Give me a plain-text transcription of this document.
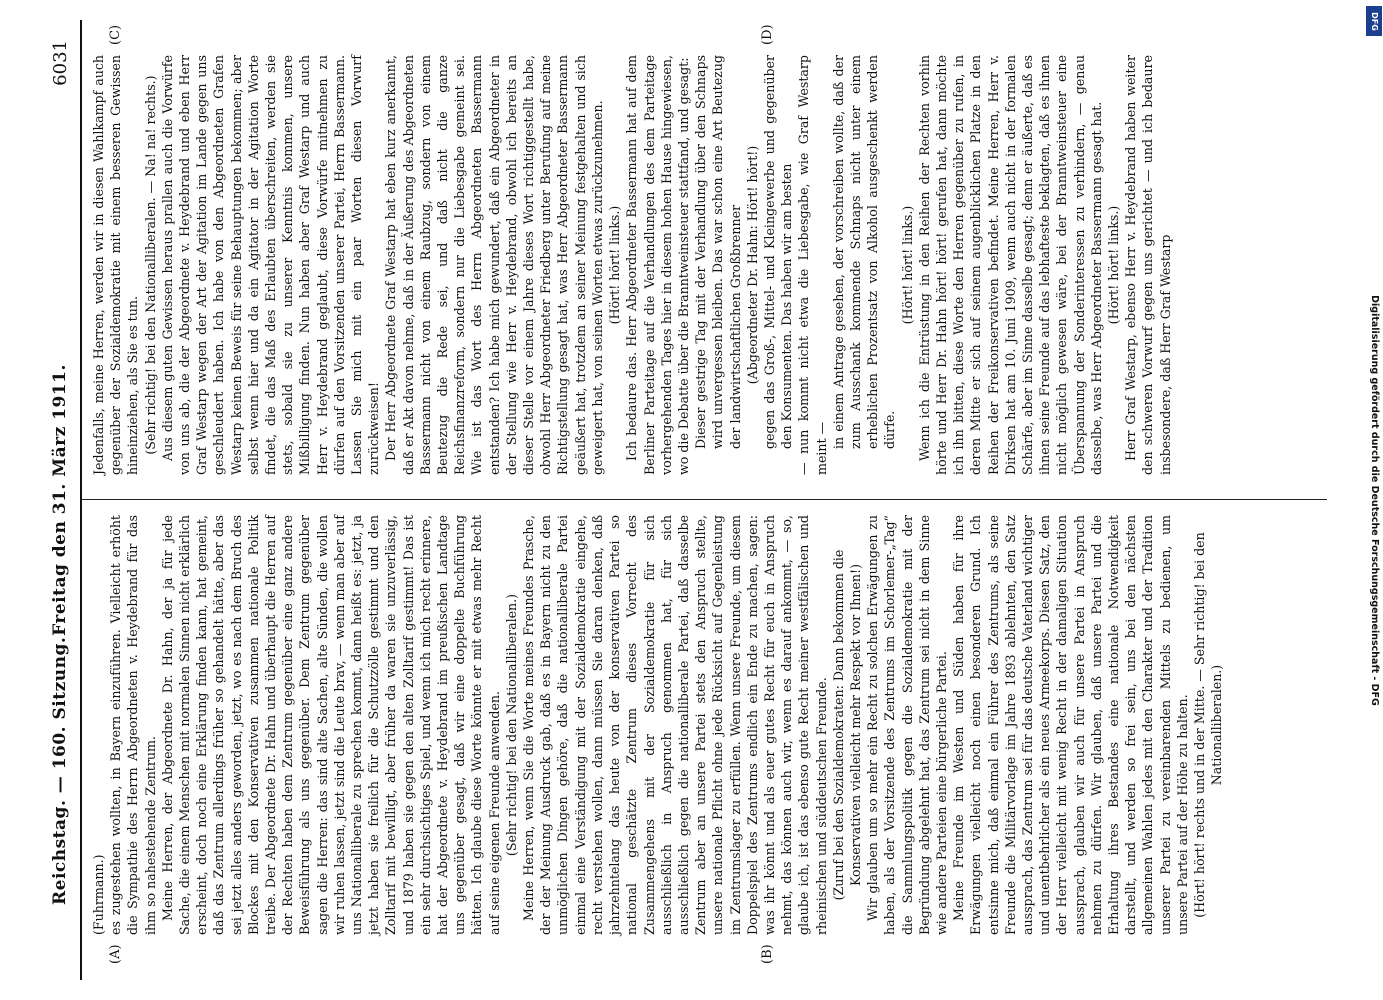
Reichstag. — 160. Sitzung.
Freitag den 31. März 1911.
6031
(A)	(B)
(C)	(D)

(Fuhrmann.) es zugestehen wollten, in Bayern einzuführen. Vielleicht erhöht die Sympathie des Herrn Abgeordneten v. Heydebrand für das ihm so nahestehende Zentrum. Meine Herren, der Abgeordnete Dr. Hahn, der ja für jede Sache, die einem Menschen mit normalen Sinnen nicht erklärlich erscheint, doch noch eine Erklärung finden kann, hat gemeint, daß das Zentrum allerdings früher so gehandelt hätte, aber das sei jetzt alles anders geworden, jetzt, wo es nach dem Bruch des Blockes mit den Konservativen zusammen nationale Politik treibe. Der Abgeordnete Dr. Hahn und überhaupt die Herren auf der Rechten haben dem Zentrum gegenüber eine ganz andere Beweisführung als uns gegenüber. Dem Zentrum gegenüber sagen die Herren: das sind alte Sachen, alte Sünden, die wollen wir ruhen lassen, jetzt sind die Leute brav, — wenn man aber auf uns Nationalliberale zu sprechen kommt, dann heißt es: jetzt, ja jetzt haben sie freilich für die Schutzzölle gestimmt und den Zolltarif mit bewilligt, aber früher da waren sie unzuverlässig, und 1879 haben sie gegen den alten Zolltarif gestimmt! Das ist ein sehr durchsichtiges Spiel, und wenn ich mich recht erinnere, hat der Abgeordnete v. Heydebrand im preußischen Landtage uns gegenüber gesagt, daß wir eine doppelte Buchführung hätten. Ich glaube diese Worte könnte er mit etwas mehr Recht auf seine eigenen Freunde anwenden. (Sehr richtig! bei den Nationalliberalen.) Meine Herren, wenn Sie die Worte meines Freundes Prasche, der der Meinung Ausdruck gab, daß es in Bayern nicht zu den unmöglichen Dingen gehöre, daß die nationalliberale Partei einmal eine Verständigung mit der Sozialdemokratie eingehe, recht verstehen wollen, dann müssen Sie daran denken, daß jahrzehntelang das heute von der konservativen Partei so national geschätzte Zentrum dieses Vorrecht des Zusammengehens mit der Sozialdemokratie für sich ausschließlich in Anspruch genommen hat, für sich ausschließlich gegen die nationalliberale Partei, daß dasselbe Zentrum aber an unsere Partei stets den Anspruch stellte, unsere nationale Pflicht ohne jede Rücksicht auf Gegenleistung im Zentrumslager zu erfüllen. Wenn unsere Freunde, um diesem Doppelspiel des Zentrums endlich ein Ende zu machen, sagen: was ihr könnt und als euer gutes Recht für euch in Anspruch nehmt, das können auch wir, wenn es darauf ankommt, — so, glaube ich, ist das ebenso gute Recht meiner westfälischen und rheinischen und süddeutschen Freunde. (Zuruf bei den Sozialdemokraten: Dann bekommen die Konservativen vielleicht mehr Respekt vor Ihnen!) Wir glauben um so mehr ein Recht zu solchen Erwägungen zu haben, als der Vorsitzende des Zentrums im Schorlemer-„Tag“ die Sammlungspolitik gegen die Sozialdemokratie mit der Begründung abgelehnt hat, das Zentrum sei nicht in dem Sinne wie andere Parteien eine bürgerliche Partei. Meine Freunde im Westen und Süden haben für ihre Erwägungen vielleicht noch einen besonderen Grund. Ich entsinne mich, daß einmal ein Führer des Zentrums, als seine Freunde die Militärvorlage im Jahre 1893 ablehnten, den Satz aussprach, das Zentrum sei für das deutsche Vaterland wichtiger und unentbehrlicher als ein neues Armeekorps. Diesen Satz, den der Herr vielleicht mit wenig Recht in der damaligen Situation aussprach, glauben wir auch für unsere Partei in Anspruch nehmen zu dürfen. Wir glauben, daß unsere Partei und die Erhaltung ihres Bestandes eine nationale Notwendigkeit darstellt, und werden so frei sein, uns bei den nächsten allgemeinen Wahlen jedes mit den Charakter und der Tradition unserer Partei zu vereinbarenden Mittels zu bedienen, um unsere Partei auf der Höhe zu halten. (Hört! hört! rechts und in der Mitte. — Sehr richtig! bei den Nationalliberalen.)

Jedenfalls, meine Herren, werden wir in diesen Wahlkampf auch gegenüber der Sozialdemokratie mit einem besseren Gewissen hineinziehen, als Sie es tun. (Sehr richtig! bei den Nationalliberalen. — Na! na! rechts.) Aus diesem guten Gewissen heraus prallen auch die Vorwürfe von uns ab, die der Abgeordnete v. Heydebrand und eben Herr Graf Westarp wegen der Art der Agitation im Lande gegen uns geschleudert haben. Ich habe von den Abgeordneten Grafen Westarp keinen Beweis für seine Behauptungen bekommen; aber selbst wenn hier und da ein Agitator in der Agitation Worte findet, die das Maß des Erlaubten überschreiten, werden sie stets, sobald sie zu unserer Kenntnis kommen, unsere Mißbilligung finden. Nun haben aber Graf Westarp und auch Herr v. Heydebrand geglaubt, diese Vorwürfe mitnehmen zu dürfen auf den Vorsitzenden unserer Partei, Herrn Bassermann. Lassen Sie mich mit ein paar Worten diesen Vorwurf zurückweisen! Der Herr Abgeordnete Graf Westarp hat eben kurz anerkannt, daß er Akt davon nehme, daß in der Äußerung des Abgeordneten Bassermann nicht von einem Raubzug, sondern von einem Beutezug die Rede sei, und daß nicht die ganze Reichsfinanzreform, sondern nur die Liebesgabe gemeint sei. Wie ist das Wort des Herrn Abgeordneten Bassermann entstanden? Ich habe mich gewundert, daß ein Abgeordneter in der Stellung wie Herr v. Heydebrand, obwohl ich bereits an dieser Stelle vor einem Jahre dieses Wort richtiggestellt habe, obwohl Herr Abgeordneter Friedberg unter Berufung auf meine Richtigstellung gesagt hat, was Herr Abgeordneter Bassermann geäußert hat, trotzdem an seiner Meinung festgehalten und sich geweigert hat, von seinen Worten etwas zurückzunehmen. (Hört! hört! links.) Ich bedaure das. Herr Abgeordneter Bassermann hat auf dem Berliner Parteitage auf die Verhandlungen des dem Parteitage vorhergehenden Tages hier in diesem hohen Hause hingewiesen, wo die Debatte über die Branntweinsteuer stattfand, und gesagt: Dieser gestrige Tag mit der Verhandlung über den Schnaps wird unvergessen bleiben. Das war schon eine Art Beutezug der landwirtschaftlichen Großbrenner (Abgeordneter Dr. Hahn: Hört! hört!) gegen das Groß-, Mittel- und Kleingewerbe und gegenüber den Konsumenten. Das haben wir am besten — nun kommt nicht etwa die Liebesgabe, wie Graf Westarp meint — in einem Antrage gesehen, der vorschreiben wollte, daß der zum Ausschank kommende Schnaps nicht unter einem erheblichen Prozentsatz von Alkohol ausgeschenkt werden dürfe.

(Hört! hört! links.) Wenn ich die Entrüstung in den Reihen der Rechten vorhin hörte und Herr Dr. Hahn hört! hört! gerufen hat, dann möchte ich ihn bitten, diese Worte den Herren gegenüber zu rufen, in deren Mitte er sich auf seinem augenblicklichen Platze in den Reihen der Freikonservativen befindet. Meine Herren, Herr v. Dirksen hat am 10. Juni 1909, wenn auch nicht in der formalen Schärfe, aber im Sinne dasselbe gesagt; denn er äußerte, daß es ihnen seine Freunde auf das lebhafteste beklagten, daß es ihnen nicht möglich gewesen wäre, bei der Branntweinsteuer eine Überspannung der Sonderinteressen zu verhindern, — genau dasselbe, was Herr Abgeordneter Bassermann gesagt hat. (Hört! hört! links.) Herr Graf Westarp, ebenso Herr v. Heydebrand haben weiter den schweren Vorwurf gegen uns gerichtet — und ich bedaure insbesondere, daß Herr Graf Westarp

DFG
Digitalisierung gefördert durch die Deutsche Forschungsgemeinschaft - DFG
